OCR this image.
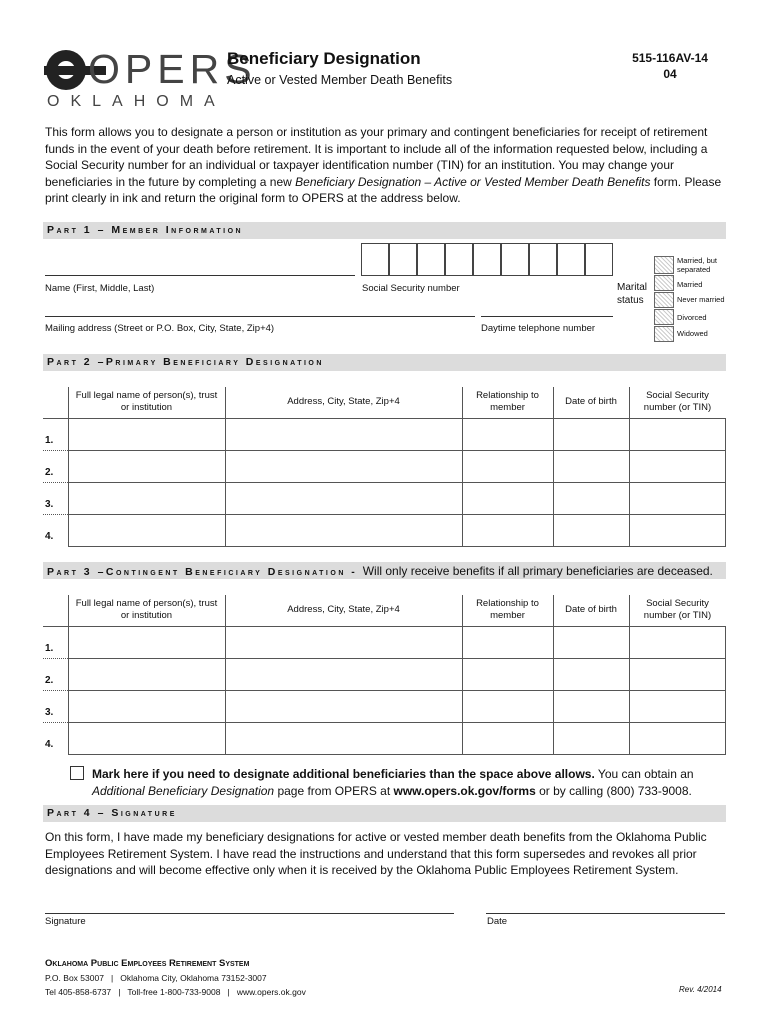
OPERS
OKLAHOMA
Beneficiary Designation
Active or Vested Member Death Benefits
515-116AV-14
04
This form allows you to designate a person or institution as your primary and contingent beneficiaries for receipt of retirement funds in the event of your death before retirement. It is important to include all of the information requested below, including a Social Security number for an individual or taxpayer identification number (TIN) for an institution. You may change your beneficiaries in the future by completing a new Beneficiary Designation – Active or Vested Member Death Benefits form. Please print clearly in ink and return the original form to OPERS at the address below.
Part 1 – Member Information
Name (First, Middle, Last)	Social Security number	Marital
status
Married, but separated
Married
Never married
Divorced
Widowed
Mailing address (Street or P.O. Box, City, State, Zip+4)	Daytime telephone number
Part 2 –Primary Beneficiary Designation
	Full legal name of person(s), trust or institution	Address, City, State, Zip+4	Relationship to member	Date of birth	Social Security number (or TIN)
1.					
2.					
3.					
4.					
Part 3 –Contingent Beneficiary Designation - Will only receive benefits if all primary beneficiaries are deceased.
	Full legal name of person(s), trust or institution	Address, City, State, Zip+4	Relationship to member	Date of birth	Social Security number (or TIN)
1.					
2.					
3.					
4.					
Mark here if you need to designate additional beneficiaries than the space above allows. You can obtain an Additional Beneficiary Designation page from OPERS at www.opers.ok.gov/forms or by calling (800) 733-9008.
Part 4 – Signature
On this form, I have made my beneficiary designations for active or vested member death benefits from the Oklahoma Public Employees Retirement System. I have read the instructions and understand that this form supersedes and revokes all prior designations and will become effective only when it is received by the Oklahoma Public Employees Retirement System.
Signature	Date
Oklahoma Public Employees Retirement System
P.O. Box 53007   |   Oklahoma City, Oklahoma 73152-3007
Tel 405-858-6737   |   Toll-free 1-800-733-9008   |   www.opers.ok.gov	Rev. 4/2014
